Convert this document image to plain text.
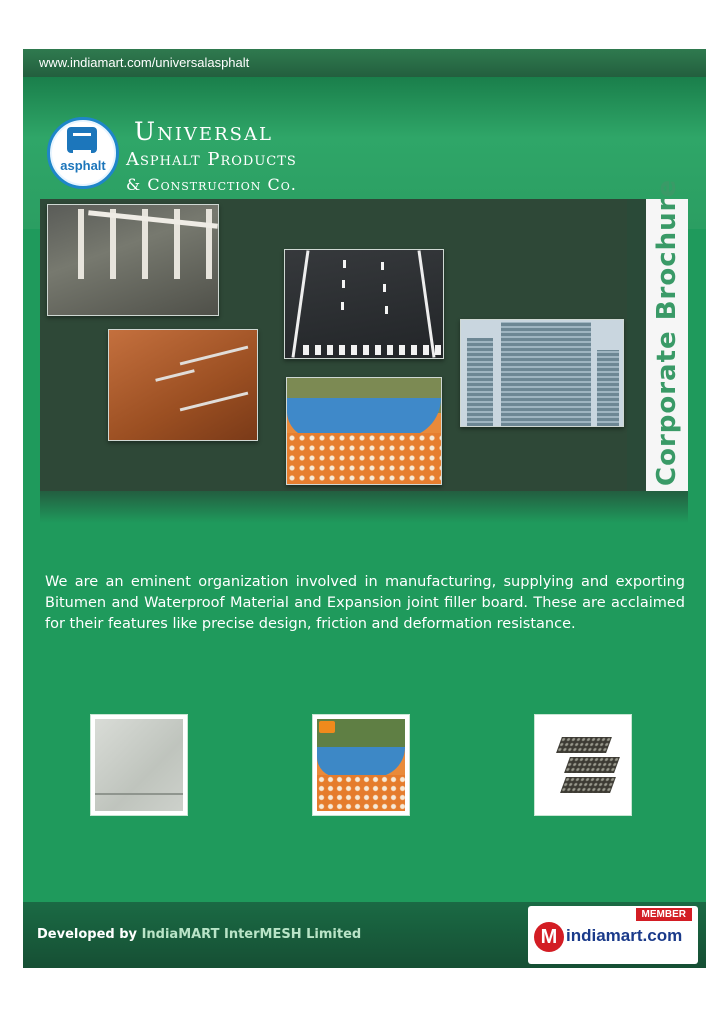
www.indiamart.com/universalasphalt
asphalt
Universal
Asphalt Products
& Construction Co.	Corporate Brochure
We are an eminent organization involved in manufacturing, supplying and exporting Bitumen and Waterproof Material and Expansion joint filler board. These are acclaimed for their features like precise design, friction and deformation resistance.
Developed by IndiaMART InterMESH Limited
MEMBER
M indiamart.com
